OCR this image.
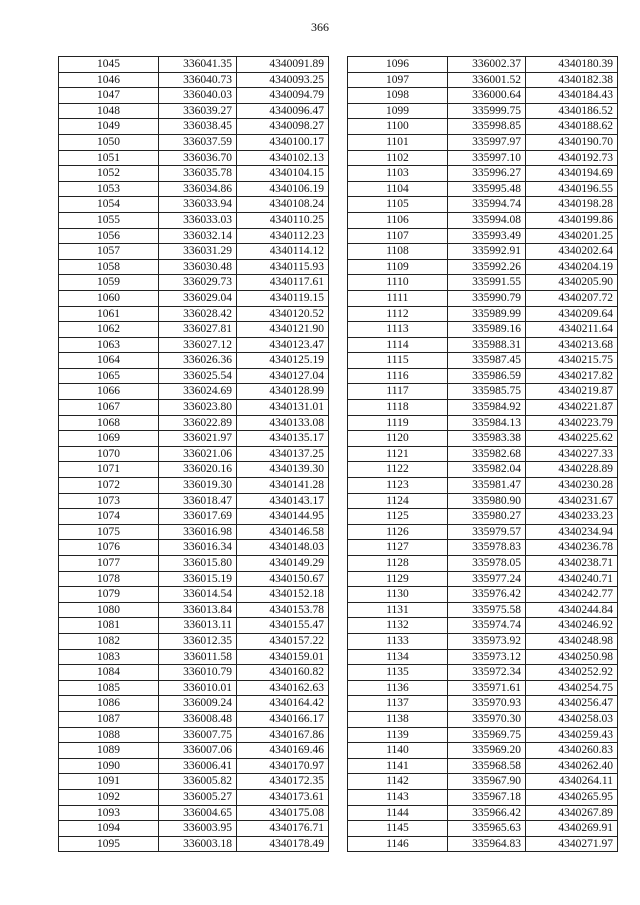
366
1045	336041.35	4340091.89
1046	336040.73	4340093.25
1047	336040.03	4340094.79
1048	336039.27	4340096.47
1049	336038.45	4340098.27
1050	336037.59	4340100.17
1051	336036.70	4340102.13
1052	336035.78	4340104.15
1053	336034.86	4340106.19
1054	336033.94	4340108.24
1055	336033.03	4340110.25
1056	336032.14	4340112.23
1057	336031.29	4340114.12
1058	336030.48	4340115.93
1059	336029.73	4340117.61
1060	336029.04	4340119.15
1061	336028.42	4340120.52
1062	336027.81	4340121.90
1063	336027.12	4340123.47
1064	336026.36	4340125.19
1065	336025.54	4340127.04
1066	336024.69	4340128.99
1067	336023.80	4340131.01
1068	336022.89	4340133.08
1069	336021.97	4340135.17
1070	336021.06	4340137.25
1071	336020.16	4340139.30
1072	336019.30	4340141.28
1073	336018.47	4340143.17
1074	336017.69	4340144.95
1075	336016.98	4340146.58
1076	336016.34	4340148.03
1077	336015.80	4340149.29
1078	336015.19	4340150.67
1079	336014.54	4340152.18
1080	336013.84	4340153.78
1081	336013.11	4340155.47
1082	336012.35	4340157.22
1083	336011.58	4340159.01
1084	336010.79	4340160.82
1085	336010.01	4340162.63
1086	336009.24	4340164.42
1087	336008.48	4340166.17
1088	336007.75	4340167.86
1089	336007.06	4340169.46
1090	336006.41	4340170.97
1091	336005.82	4340172.35
1092	336005.27	4340173.61
1093	336004.65	4340175.08
1094	336003.95	4340176.71
1095	336003.18	4340178.49
1096	336002.37	4340180.39
1097	336001.52	4340182.38
1098	336000.64	4340184.43
1099	335999.75	4340186.52
1100	335998.85	4340188.62
1101	335997.97	4340190.70
1102	335997.10	4340192.73
1103	335996.27	4340194.69
1104	335995.48	4340196.55
1105	335994.74	4340198.28
1106	335994.08	4340199.86
1107	335993.49	4340201.25
1108	335992.91	4340202.64
1109	335992.26	4340204.19
1110	335991.55	4340205.90
1111	335990.79	4340207.72
1112	335989.99	4340209.64
1113	335989.16	4340211.64
1114	335988.31	4340213.68
1115	335987.45	4340215.75
1116	335986.59	4340217.82
1117	335985.75	4340219.87
1118	335984.92	4340221.87
1119	335984.13	4340223.79
1120	335983.38	4340225.62
1121	335982.68	4340227.33
1122	335982.04	4340228.89
1123	335981.47	4340230.28
1124	335980.90	4340231.67
1125	335980.27	4340233.23
1126	335979.57	4340234.94
1127	335978.83	4340236.78
1128	335978.05	4340238.71
1129	335977.24	4340240.71
1130	335976.42	4340242.77
1131	335975.58	4340244.84
1132	335974.74	4340246.92
1133	335973.92	4340248.98
1134	335973.12	4340250.98
1135	335972.34	4340252.92
1136	335971.61	4340254.75
1137	335970.93	4340256.47
1138	335970.30	4340258.03
1139	335969.75	4340259.43
1140	335969.20	4340260.83
1141	335968.58	4340262.40
1142	335967.90	4340264.11
1143	335967.18	4340265.95
1144	335966.42	4340267.89
1145	335965.63	4340269.91
1146	335964.83	4340271.97
